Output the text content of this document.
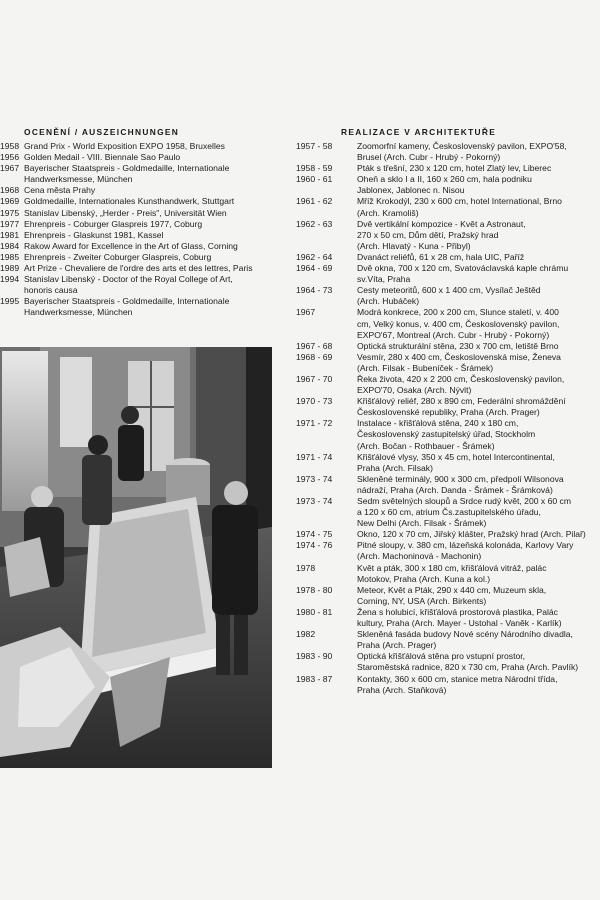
OCENĚNÍ / AUSZEICHNUNGEN	REALIZACE V ARCHITEKTUŘE
1958 Grand Prix - World Exposition EXPO 1958, Bruxelles
1956 Golden Medail - VIII. Biennale Sao Paulo
1967 Bayerischer Staatspreis - Goldmedaille, Internationale
Handwerksmesse, München
1968 Cena města Prahy
1969 Goldmedaille, Internationales Kunsthandwerk, Stuttgart
1975 Stanislav Libenský, „Herder - Preis", Universität Wien
1977 Ehrenpreis - Coburger Glaspreis 1977, Coburg
1981 Ehrenpreis - Glaskunst 1981, Kassel
1984 Rakow Award for Excellence in the Art of Glass, Corning
1985 Ehrenpreis - Zweiter Coburger Glaspreis, Coburg
1989 Art Prize - Chevaliere de l'ordre des arts et des lettres, Paris
1994 Stanislav Libenský - Doctor of the Royal College of Art,
honoris causa
1995 Bayerischer Staatspreis - Goldmedaille, Internationale
Handwerksmesse, München
1957 - 58	Zoomorfní kameny, Československý pavilon, EXPO'58,
Brusel (Arch. Cubr - Hrubý - Pokorný)
1958 - 59	Pták s třešní, 230 x 120 cm, hotel Zlatý lev, Liberec
1960 - 61	Oheň a sklo I a II, 160 x 260 cm, hala podniku
Jablonex, Jablonec n. Nisou
1961 - 62	Mříž Krokodýl, 230 x 600 cm, hotel International, Brno
(Arch. Kramoliš)
1962 - 63	Dvě vertikální kompozice - Květ a Astronaut,
270 x 50 cm, Dům dětí, Pražský hrad
(Arch. Hlavatý - Kuna - Přibyl)
1962 - 64	Dvanáct reliéfů, 61 x 28 cm, hala UIC, Paříž
1964 - 69	Dvě okna, 700 x 120 cm, Svatováclavská kaple chrámu
sv.Víta, Praha
1964 - 73	Cesty meteoritů, 600 x 1 400 cm, Vysílač Ještěd
(Arch. Hubáček)
1967	Modrá konkrece, 200 x 200 cm, Slunce staletí, v. 400
cm, Velký konus, v. 400 cm, Československý pavilon,
EXPO'67, Montreal (Arch. Cubr - Hrubý - Pokorný)
1967 - 68	Optická strukturální stěna, 230 x 700 cm, letiště Brno
1968 - 69	Vesmír, 280 x 400 cm, Československá mise, Ženeva
(Arch. Filsak - Bubeníček - Šrámek)
1967 - 70	Řeka života, 420 x 2 200 cm, Československý pavilon,
EXPO'70, Osaka (Arch. Nývlt)
1970 - 73	Křišťálový reliéf, 280 x 890 cm, Federální shromáždění
Československé republiky, Praha (Arch. Prager)
1971 - 72	Instalace - křišťálová stěna, 240 x 180 cm,
Československý zastupitelský úřad, Stockholm
(Arch. Bočan - Rothbauer - Šrámek)
1971 - 74	Křišťálové vlysy, 350 x 45 cm, hotel Intercontinental,
Praha (Arch. Filsak)
1973 - 74	Skleněné terminály, 900 x 300 cm, předpolí Wilsonova
nádraží, Praha (Arch. Danda - Šrámek - Šrámková)
1973 - 74	Sedm světelných sloupů a Srdce rudý květ, 200 x 60 cm
a 120 x 60 cm, atrium Čs.zastupitelského úřadu,
New Delhi (Arch. Filsak - Šrámek)
1974 - 75	Okno, 120 x 70 cm, Jiřský klášter, Pražský hrad (Arch. Pilař)
1974 - 76	Pitné sloupy, v. 380 cm, lázeňská kolonáda, Karlovy Vary
(Arch. Machoninová - Machonin)
1978	Květ a pták, 300 x 180 cm, křišťálová vitráž, palác
Motokov, Praha (Arch. Kuna a kol.)
1978 - 80	Meteor, Květ a Pták, 290 x 440 cm, Muzeum skla,
Corning, NY, USA (Arch. Birkents)
1980 - 81	Žena s holubicí, křišťálová prostorová plastika, Palác
kultury, Praha (Arch. Mayer - Ustohal - Vaněk - Karlík)
1982	Skleněná fasáda budovy Nové scény Národního divadla,
Praha (Arch. Prager)
1983 - 90	Optická křišťálová stěna pro vstupní prostor,
Staroměstská radnice, 820 x 730 cm, Praha (Arch. Pavlík)
1983 - 87	Kontakty, 360 x 600 cm, stanice metra Národní třída,
Praha (Arch. Staňková)
